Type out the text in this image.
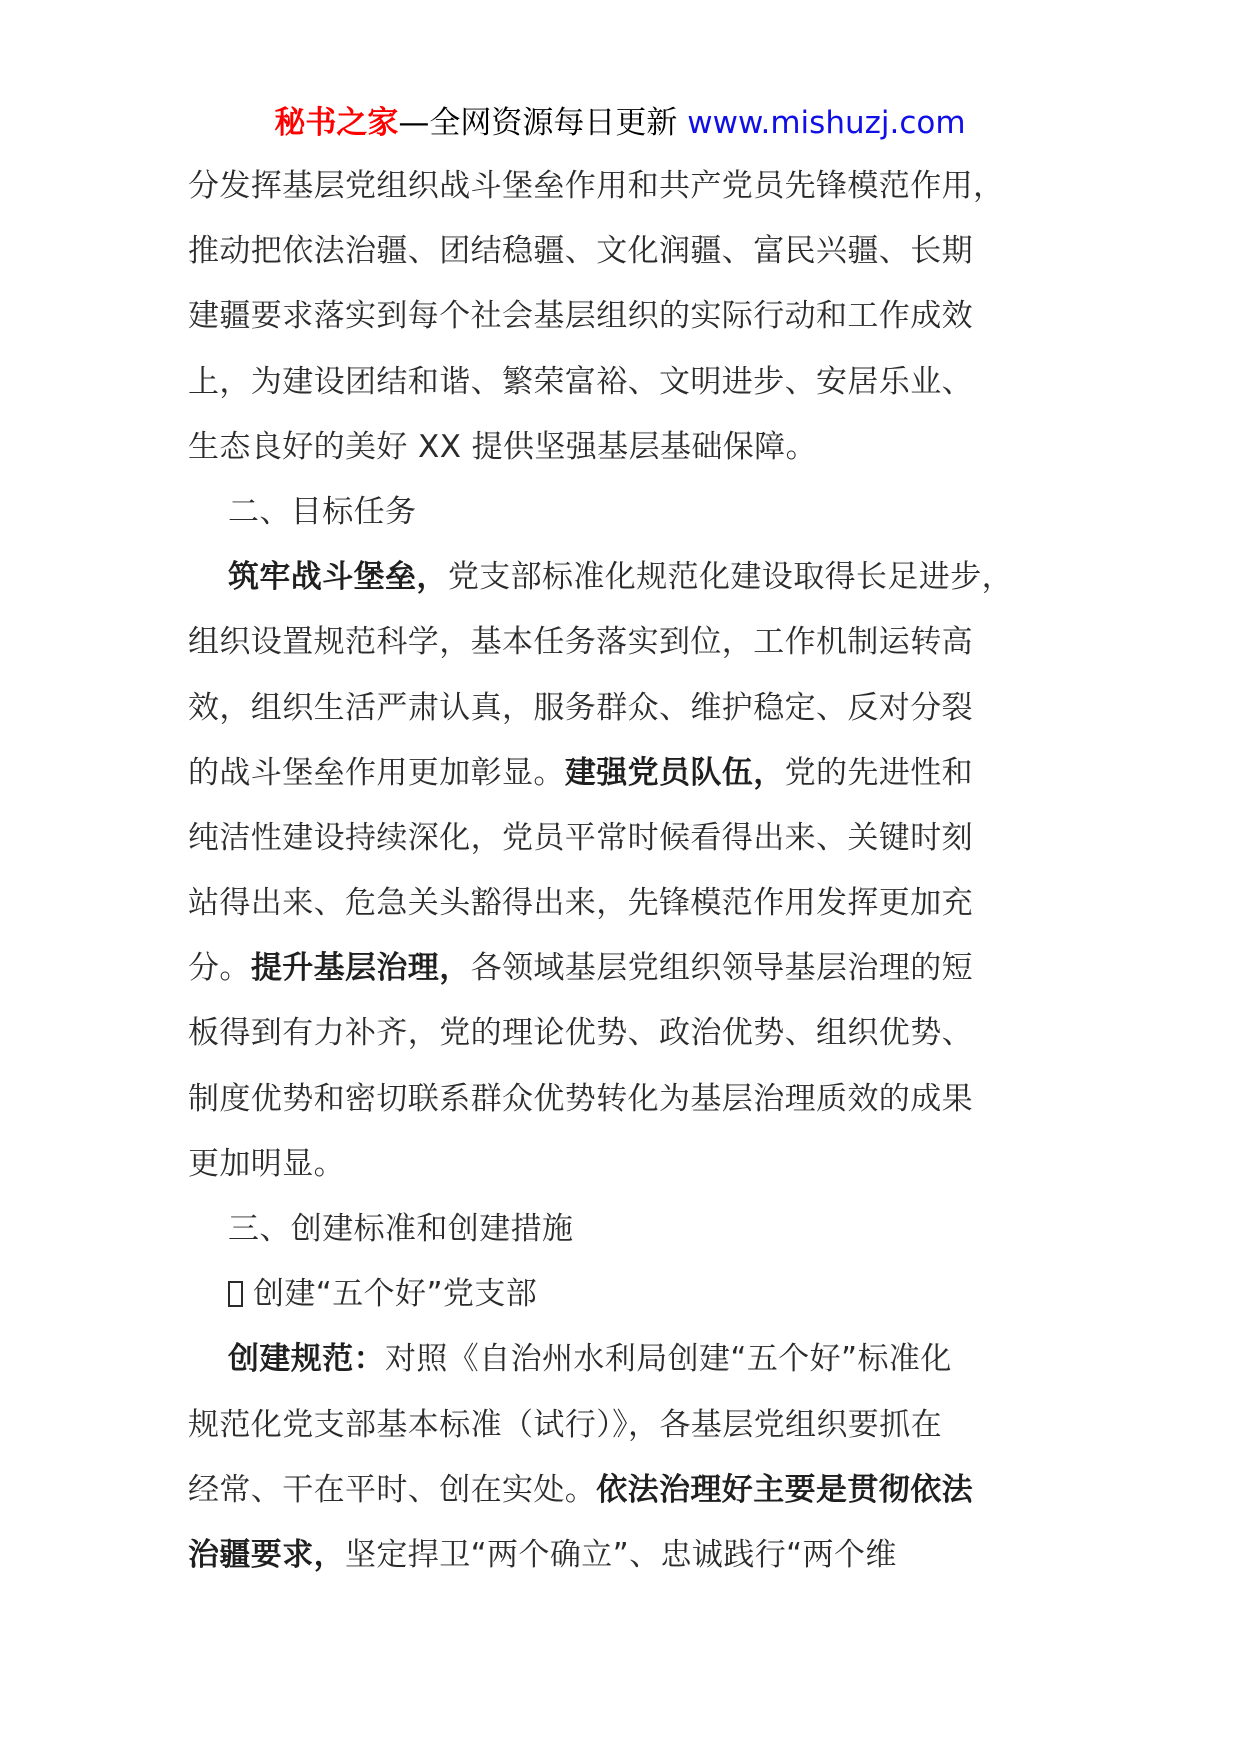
秘书之家—全网资源每日更新 www.mishuzj.com
分发挥基层党组织战斗堡垒作用和共产党员先锋模范作用，
推动把依法治疆、团结稳疆、文化润疆、富民兴疆、长期
建疆要求落实到每个社会基层组织的实际行动和工作成效
上，为建设团结和谐、繁荣富裕、文明进步、安居乐业、
生态良好的美好 XX 提供坚强基层基础保障。
二、目标任务
筑牢战斗堡垒，党支部标准化规范化建设取得长足进步，
组织设置规范科学，基本任务落实到位，工作机制运转高
效，组织生活严肃认真，服务群众、维护稳定、反对分裂
的战斗堡垒作用更加彰显。建强党员队伍，党的先进性和
纯洁性建设持续深化，党员平常时候看得出来、关键时刻
站得出来、危急关头豁得出来，先锋模范作用发挥更加充
分。提升基层治理，各领域基层党组织领导基层治理的短
板得到有力补齐，党的理论优势、政治优势、组织优势、
制度优势和密切联系群众优势转化为基层治理质效的成果
更加明显。
三、创建标准和创建措施
创建“五个好”党支部
创建规范：对照《自治州水利局创建“五个好”标准化
规范化党支部基本标准（试行）》，各基层党组织要抓在
经常、干在平时、创在实处。依法治理好主要是贯彻依法
治疆要求，坚定捍卫“两个确立”、忠诚践行“两个维
